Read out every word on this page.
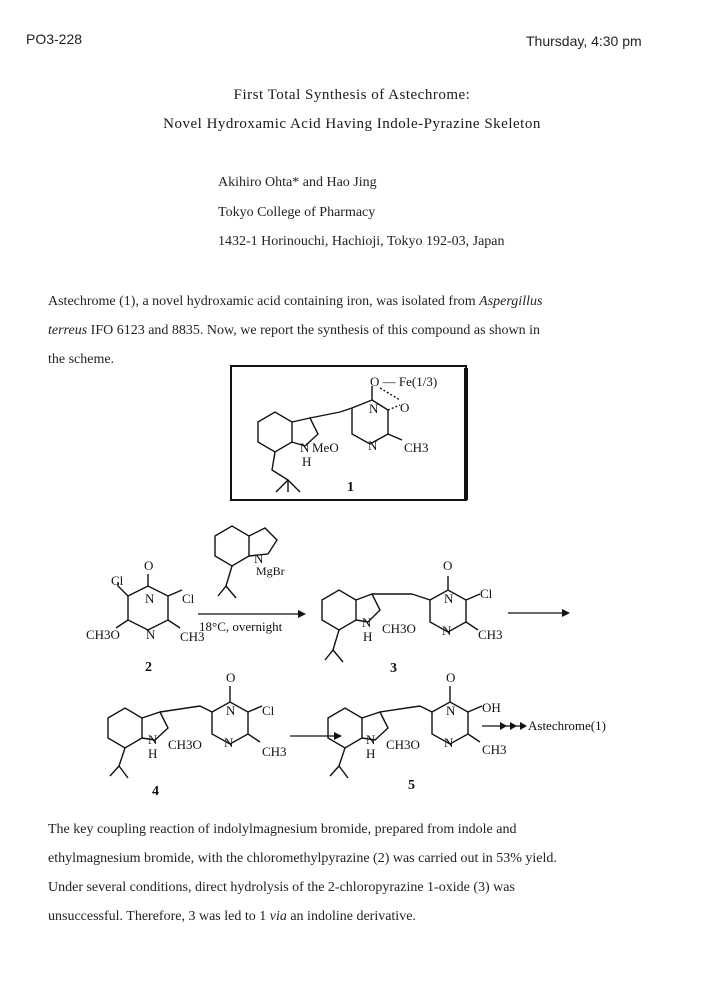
PO3-228	Thursday, 4:30 pm
First Total Synthesis of Astechrome:
Novel Hydroxamic Acid Having Indole-Pyrazine Skeleton
Akihiro Ohta* and Hao Jing
Tokyo College of Pharmacy
1432-1 Horinouchi, Hachioji, Tokyo 192-03, Japan
Astechrome (1), a novel hydroxamic acid containing iron, was isolated from Aspergillus
terreus IFO 6123 and 8835. Now, we report the synthesis of this compound as shown in
the scheme.
O — Fe(1/3)
N O
N
H
MeO N CH3
1
N
MgBr
O
Cl
Cl
N
N
CH3O	CH3
2
18°C, overnight
O
Cl
N
N
N
H
CH3O	CH3
3
O
Cl
N
N
N
H
CH3O	CH3
4
O
OH
N
N
N
H
CH3O	CH3
5
Astechrome(1)
The key coupling reaction of indolylmagnesium bromide, prepared from indole and
ethylmagnesium bromide, with the chloromethylpyrazine (2) was carried out in 53% yield.
Under several conditions, direct hydrolysis of the 2-chloropyrazine 1-oxide (3) was
unsuccessful. Therefore, 3 was led to 1 via an indoline derivative.
